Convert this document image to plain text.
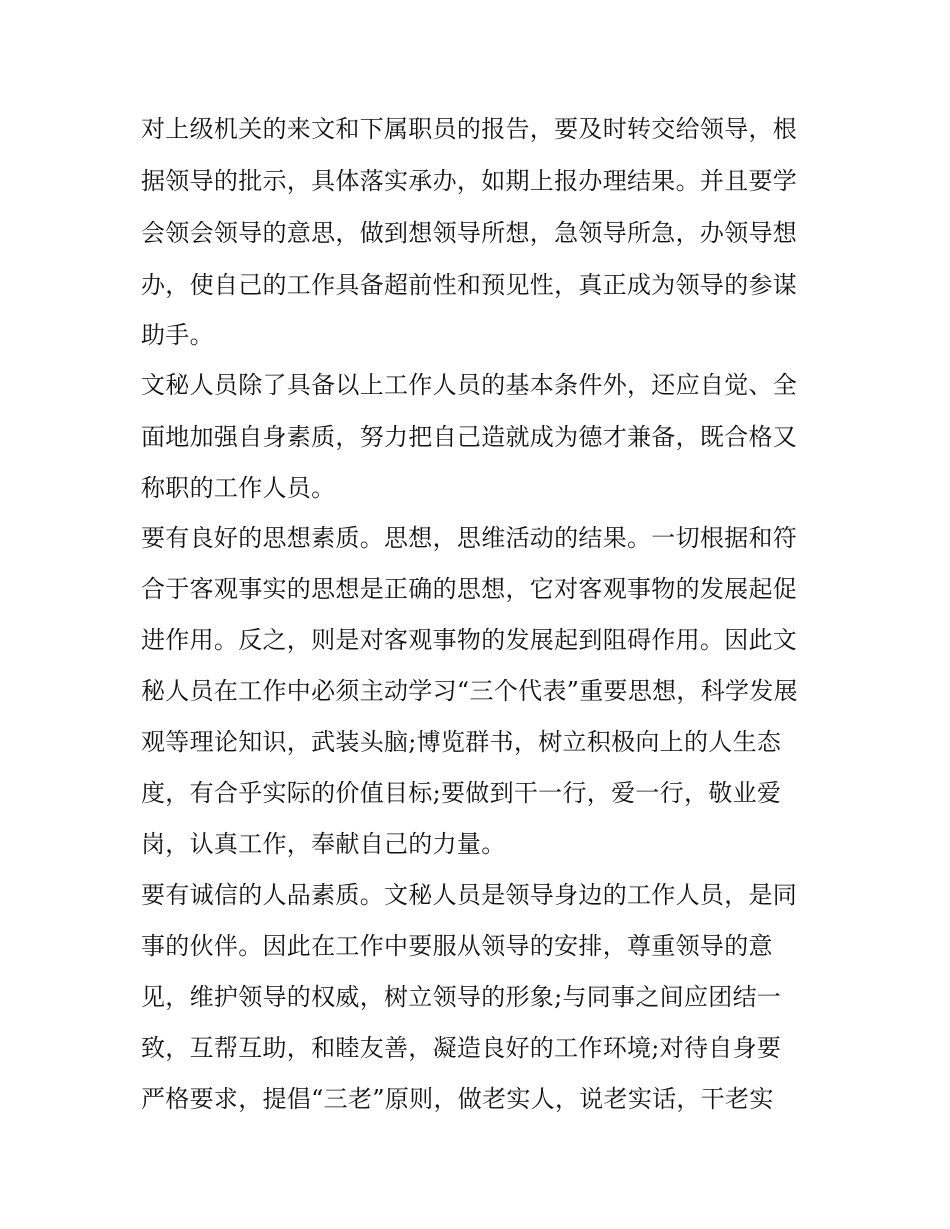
对上级机关的来文和下属职员的报告，要及时转交给领导，根

据领导的批示，具体落实承办，如期上报办理结果。并且要学

会领会领导的意思，做到想领导所想，急领导所急，办领导想

办，使自己的工作具备超前性和预见性，真正成为领导的参谋

助手。

文秘人员除了具备以上工作人员的基本条件外，还应自觉、全

面地加强自身素质，努力把自己造就成为德才兼备，既合格又

称职的工作人员。

要有良好的思想素质。思想，思维活动的结果。一切根据和符

合于客观事实的思想是正确的思想，它对客观事物的发展起促

进作用。反之，则是对客观事物的发展起到阻碍作用。因此文

秘人员在工作中必须主动学习“三个代表”重要思想，科学发展

观等理论知识，武装头脑;博览群书，树立积极向上的人生态

度，有合乎实际的价值目标;要做到干一行，爱一行，敬业爱

岗，认真工作，奉献自己的力量。

要有诚信的人品素质。文秘人员是领导身边的工作人员，是同

事的伙伴。因此在工作中要服从领导的安排，尊重领导的意

见，维护领导的权威，树立领导的形象;与同事之间应团结一

致，互帮互助，和睦友善，凝造良好的工作环境;对待自身要

严格要求，提倡“三老”原则，做老实人，说老实话，干老实
